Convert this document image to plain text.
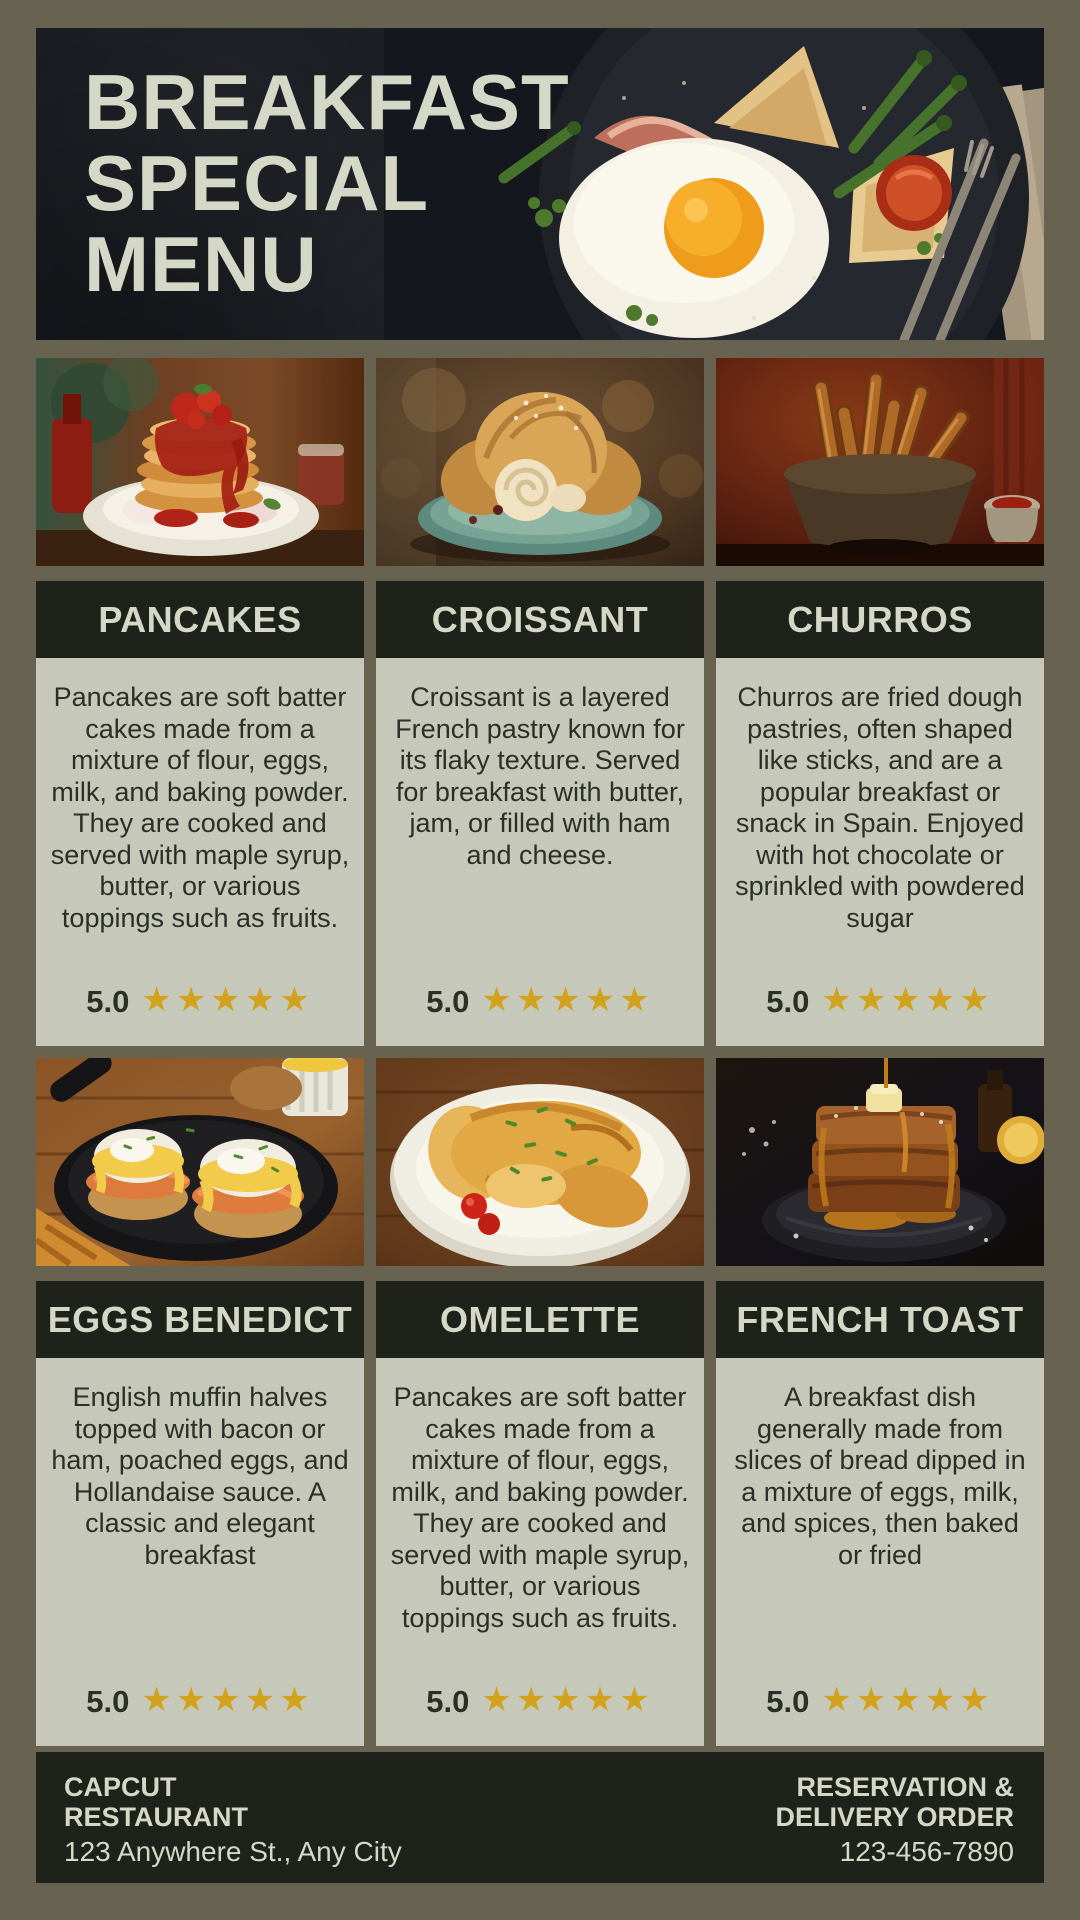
BREAKFAST
SPECIAL
MENU
PANCAKES

Pancakes are soft batter cakes made from a mixture of flour, eggs, milk, and baking powder. They are cooked and served with maple syrup, butter, or various toppings such as fruits.

5.0 ★★★★★
CROISSANT

Croissant is a layered French pastry known for its flaky texture. Served for breakfast with butter, jam, or filled with ham and cheese.

5.0 ★★★★★
CHURROS

Churros are fried dough pastries, often shaped like sticks, and are a popular breakfast or snack in Spain. Enjoyed with hot chocolate or sprinkled with powdered sugar

5.0 ★★★★★
EGGS BENEDICT

English muffin halves topped with bacon or ham, poached eggs, and Hollandaise sauce. A classic and elegant breakfast

5.0 ★★★★★
OMELETTE

Pancakes are soft batter cakes made from a mixture of flour, eggs, milk, and baking powder. They are cooked and served with maple syrup, butter, or various toppings such as fruits.

5.0 ★★★★★
FRENCH TOAST

A breakfast dish generally made from slices of bread dipped in a mixture of eggs, milk, and spices, then baked or fried

5.0 ★★★★★
CAPCUT
RESTAURANT
123 Anywhere St., Any City
RESERVATION &
DELIVERY ORDER
123-456-7890
